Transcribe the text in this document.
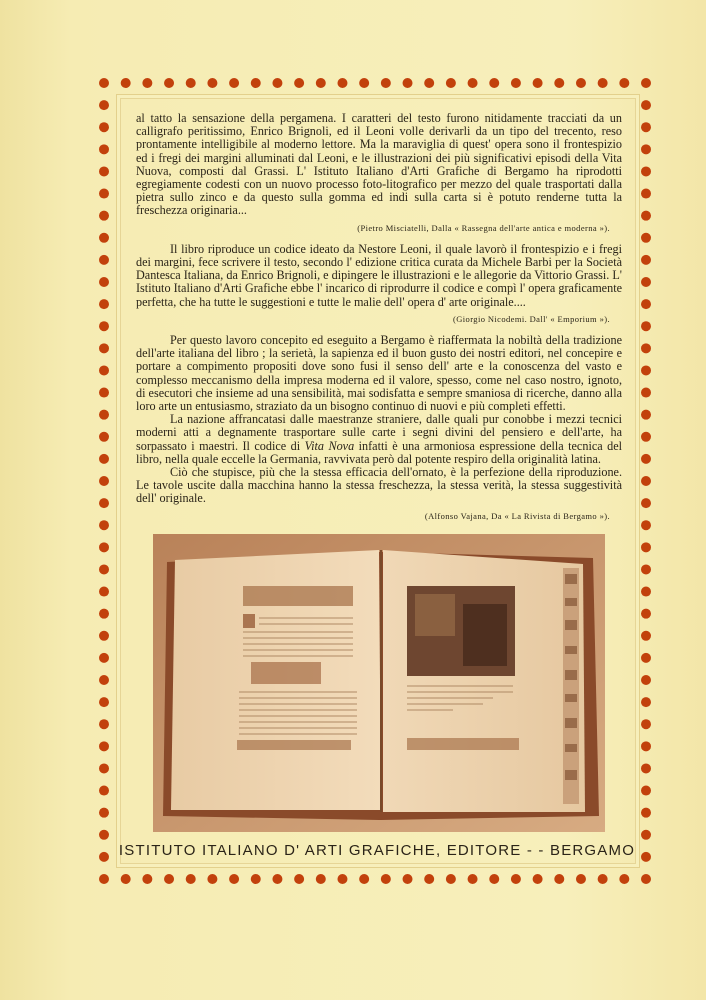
al tatto la sensazione della pergamena. I caratteri del testo furono nitidamente tracciati da un calligrafo peritissimo, Enrico Brignoli, ed il Leoni volle derivarli da un tipo del trecento, reso prontamente intelligibile al moderno lettore. Ma la maraviglia di quest' opera sono il frontespizio ed i fregi dei margini alluminati dal Leoni, e le illustrazioni dei più significativi episodi della Vita Nuova, composti dal Grassi. L' Istituto Italiano d'Arti Grafiche di Bergamo ha riprodotti egregiamente codesti con un nuovo processo foto-litografico per mezzo del quale trasportati dalla pietra sullo zinco e da questo sulla gomma ed indi sulla carta si è potuto renderne tutta la freschezza originaria...

(Pietro Misciatelli, Dalla « Rassegna dell'arte antica e moderna »).

Il libro riproduce un codice ideato da Nestore Leoni, il quale lavorò il frontespizio e i fregi dei margini, fece scrivere il testo, secondo l' edizione critica curata da Michele Barbi per la Società Dantesca Italiana, da Enrico Brignoli, e dipingere le illustrazioni e le allegorie da Vittorio Grassi. L' Istituto Italiano d'Arti Grafiche ebbe l' incarico di riprodurre il codice e compì l' opera graficamente perfetta, che ha tutte le suggestioni e tutte le malie dell' opera d' arte originale....

(Giorgio Nicodemi. Dall' « Emporium »).

Per questo lavoro concepito ed eseguito a Bergamo è riaffermata la nobiltà della tradizione dell'arte italiana del libro ; la serietà, la sapienza ed il buon gusto dei nostri editori, nel concepire e portare a compimento propositi dove sono fusi il senso dell' arte e la conoscenza del vasto e complesso meccanismo della impresa moderna ed il valore, spesso, come nel caso nostro, ignoto, di esecutori che insieme ad una sensibilità, mai sodisfatta e sempre smaniosa di ricerche, danno alla loro arte un entusiasmo, straziato da un bisogno continuo di nuovi e più completi effetti.

La nazione affrancatasi dalle maestranze straniere, dalle quali pur conobbe i mezzi tecnici moderni atti a degnamente trasportare sulle carte i segni divini del pensiero e dell'arte, ha sorpassato i maestri. Il codice di Vita Nova infatti è una armoniosa espressione della tecnica del libro, nella quale eccelle la Germania, ravvivata però dal potente respiro della originalità latina.

Ciò che stupisce, più che la stessa efficacia dell'ornato, è la perfezione della riproduzione. Le tavole uscite dalla macchina hanno la stessa freschezza, la stessa verità, la stessa suggestività dell' originale.

(Alfonso Vajana, Da « La Rivista di Bergamo »).
ISTITUTO ITALIANO D' ARTI GRAFICHE, EDITORE - - BERGAMO
